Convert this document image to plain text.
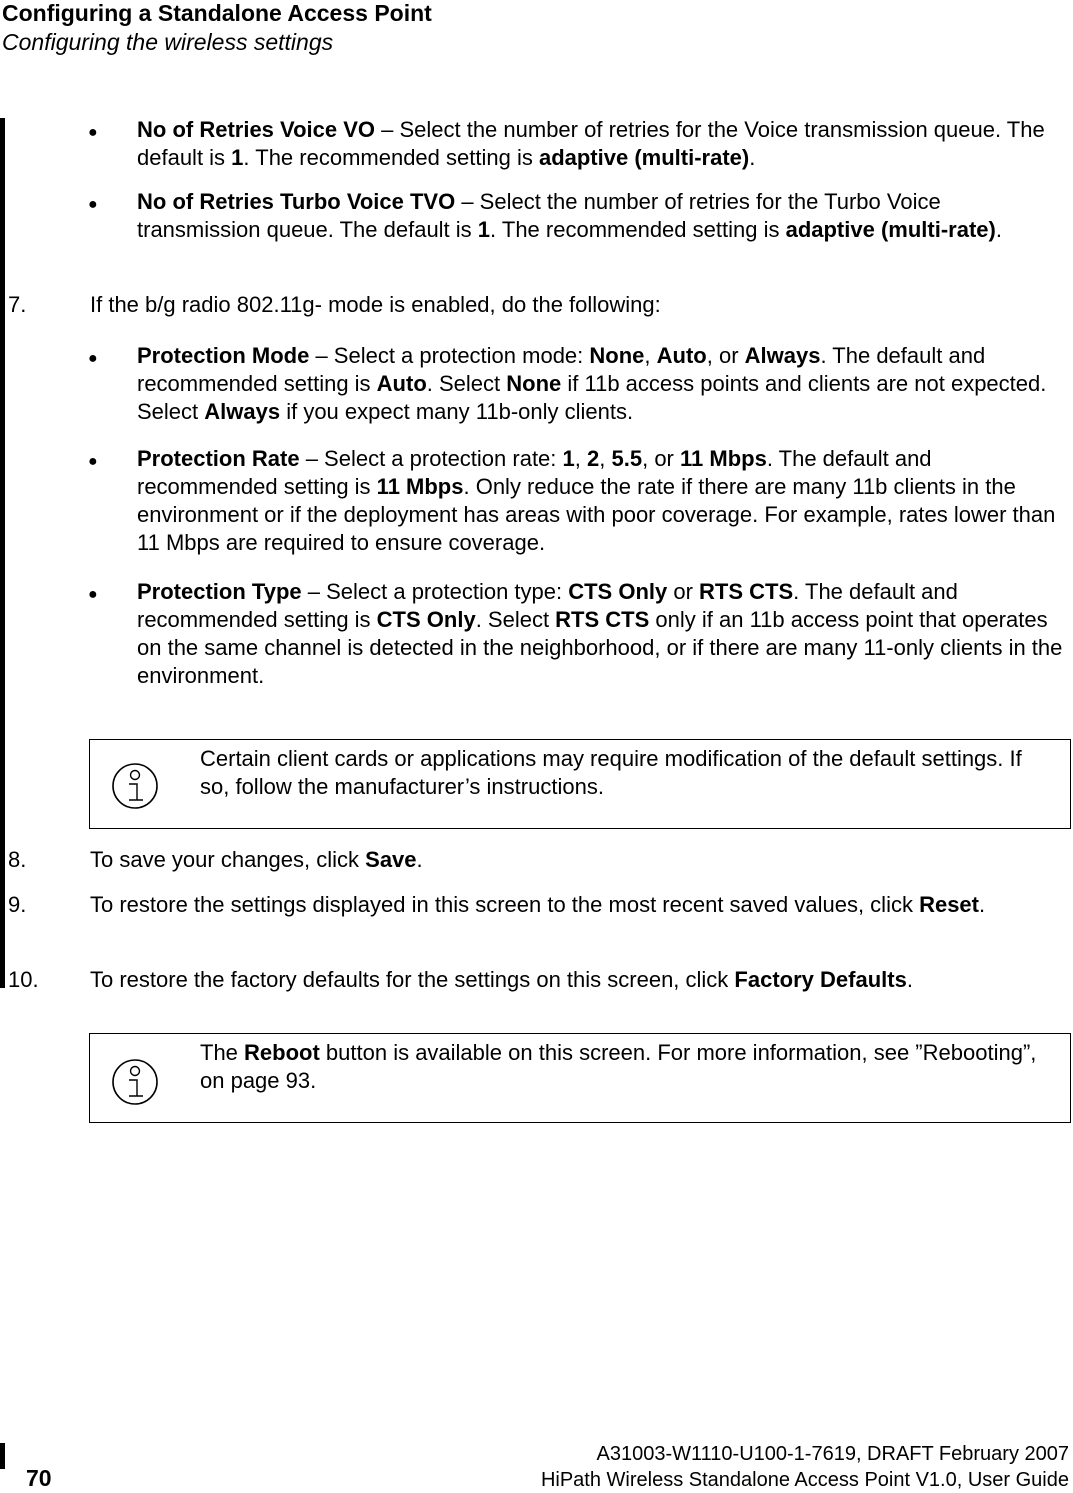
Configuring a Standalone Access Point
Configuring the wireless settings
● No of Retries Voice VO – Select the number of retries for the Voice transmission queue. The default is 1. The recommended setting is adaptive (multi-rate).
● No of Retries Turbo Voice TVO – Select the number of retries for the Turbo Voice transmission queue. The default is 1. The recommended setting is adaptive (multi-rate).
7.	If the b/g radio 802.11g- mode is enabled, do the following:
● Protection Mode – Select a protection mode: None, Auto, or Always. The default and recommended setting is Auto. Select None if 11b access points and clients are not expected. Select Always if you expect many 11b-only clients.
● Protection Rate – Select a protection rate: 1, 2, 5.5, or 11 Mbps. The default and recommended setting is 11 Mbps. Only reduce the rate if there are many 11b clients in the environment or if the deployment has areas with poor coverage. For example, rates lower than 11 Mbps are required to ensure coverage.
● Protection Type – Select a protection type: CTS Only or RTS CTS. The default and recommended setting is CTS Only. Select RTS CTS only if an 11b access point that operates on the same channel is detected in the neighborhood, or if there are many 11-only clients in the environment.
Certain client cards or applications may require modification of the default settings. If so, follow the manufacturer’s instructions.
8.	To save your changes, click Save.
9.	To restore the settings displayed in this screen to the most recent saved values, click Reset.
10. To restore the factory defaults for the settings on this screen, click Factory Defaults.
The Reboot button is available on this screen. For more information, see ”Rebooting”, on page 93.
70
A31003-W1110-U100-1-7619, DRAFT February 2007
HiPath Wireless Standalone Access Point V1.0, User Guide
